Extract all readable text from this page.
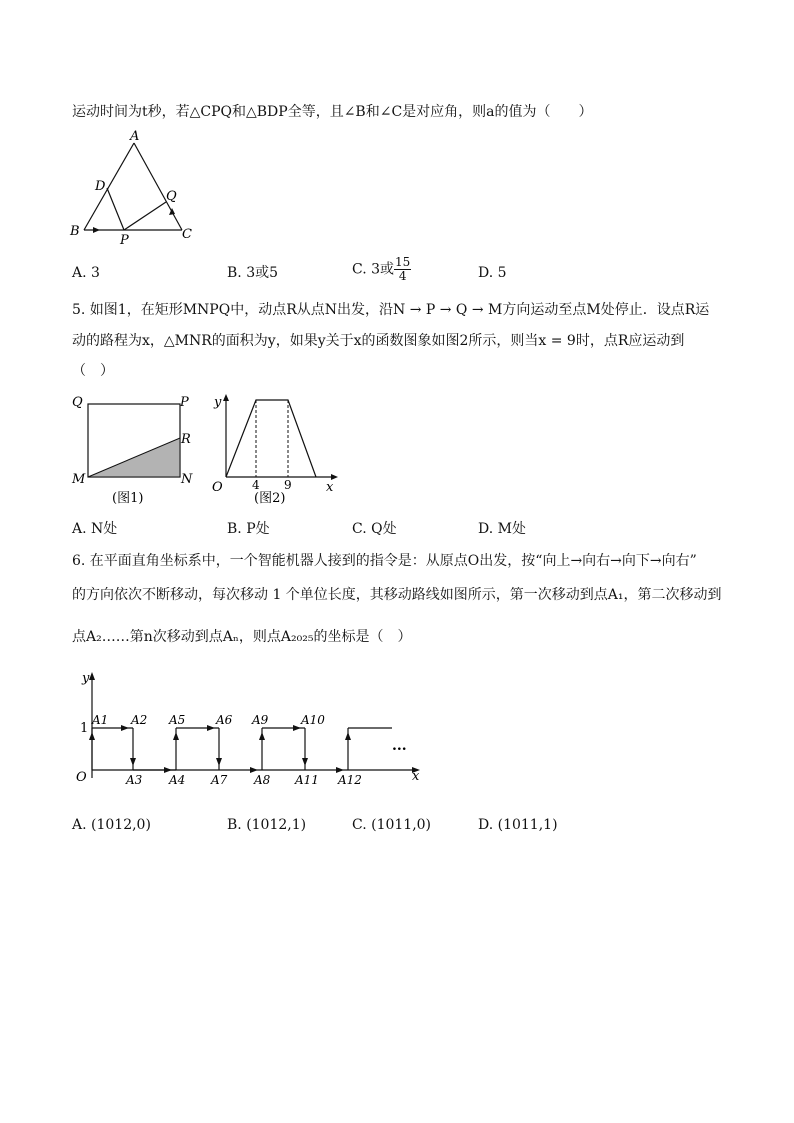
运动时间为t秒，若△CPQ和△BDP全等，且∠B和∠C是对应角，则a的值为（　　）
A
B	C
D
P
Q
A. 3	B. 3或5	C. 3或 $\frac{15}{4}$	D. 5
5. 如图1，在矩形MNPQ中，动点R从点N出发，沿N → P → Q → M方向运动至点M处停止．设点R运
动的路程为x，△MNR的面积为y，如果y关于x的函数图象如图2所示，则当x = 9时，点R应运动到
（　）
Q	P
R
M	N
(图1)
y
x
O 4 9
(图2)
A. N处	B. P处	C. Q处	D. M处
6. 在平面直角坐标系中，一个智能机器人接到的指令是：从原点O出发，按“向上→向右→向下→向右”
的方向依次不断移动，每次移动 1 个单位长度，其移动路线如图所示，第一次移动到点A₁，第二次移动到
点A₂……第n次移动到点Aₙ，则点A₂₀₂₅的坐标是（　）
y
x
O
1
...
A1 A2 A5	A6 A9	A10
A3 A4 A7 A8 A11 A12
A. (1012,0)	B. (1012,1)	C. (1011,0)	D. (1011,1)
